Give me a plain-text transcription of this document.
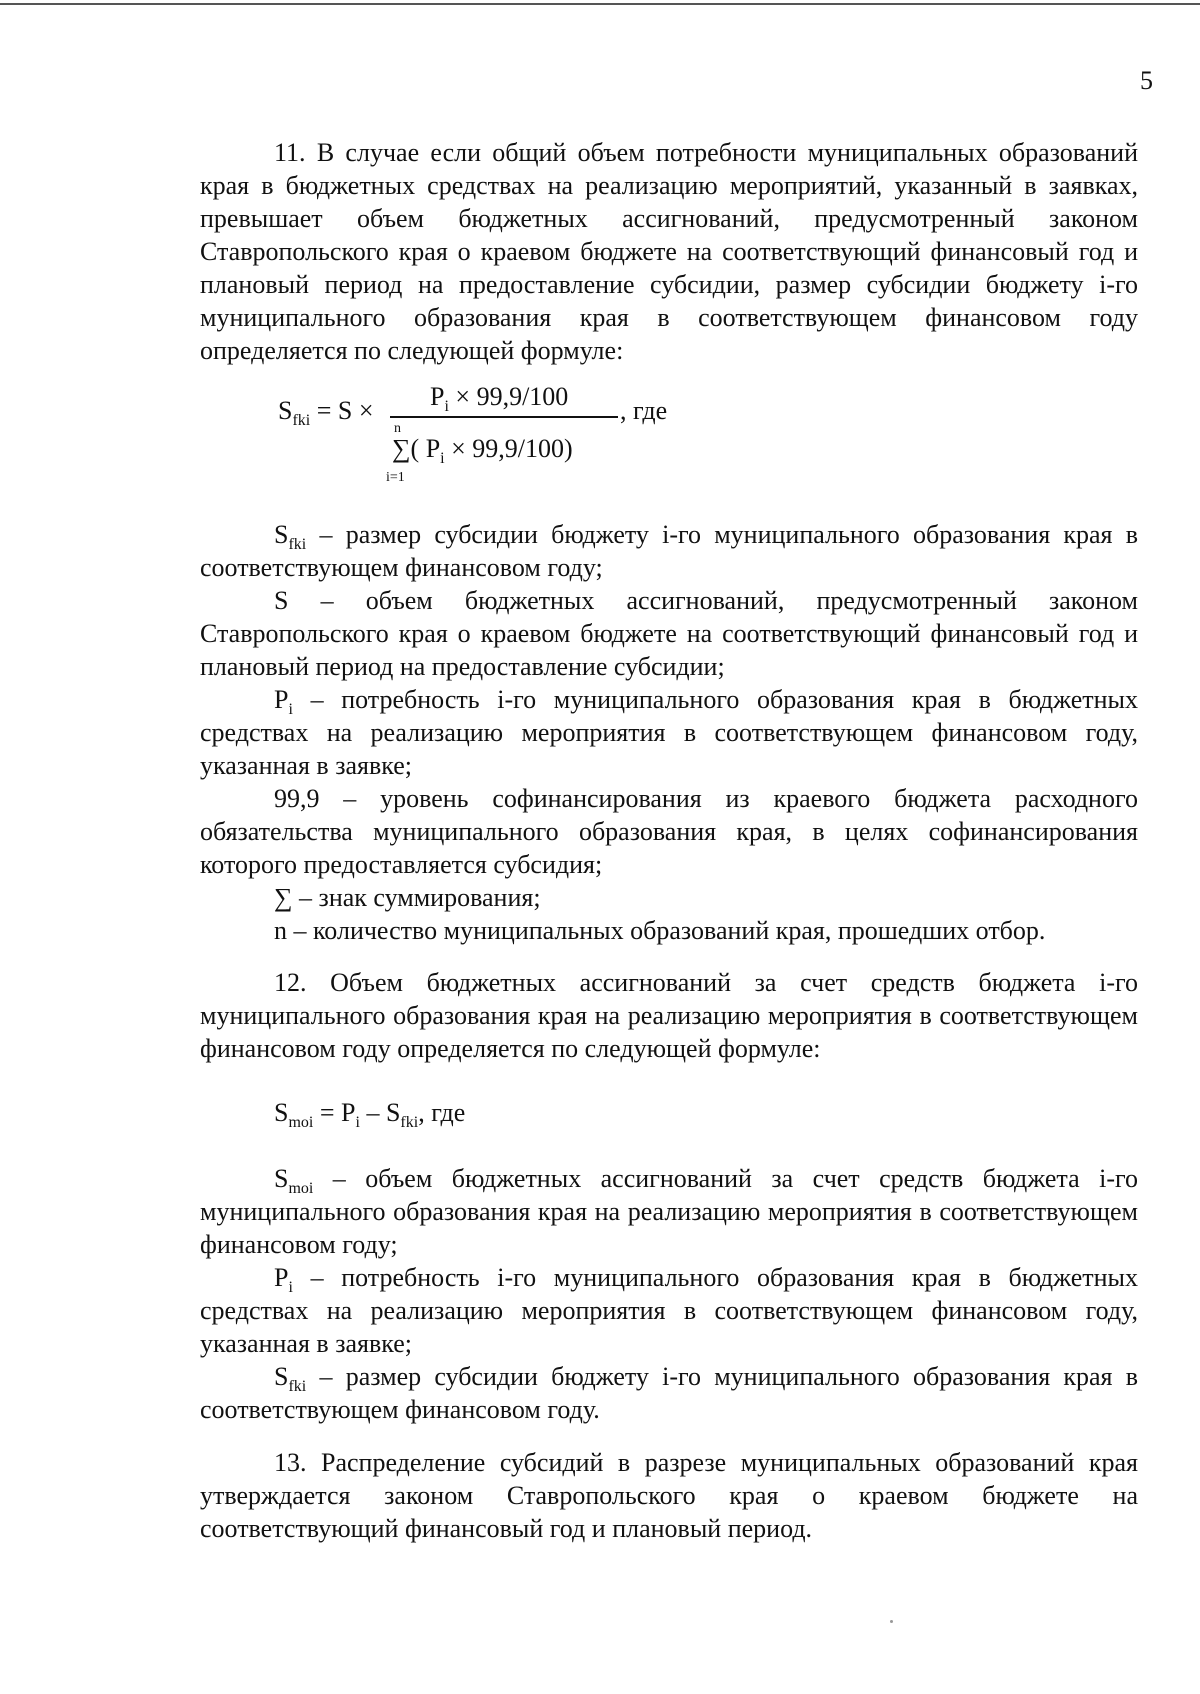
5
11. В случае если общий объем потребности муниципальных образований края в бюджетных средствах на реализацию мероприятий, указанный в заявках, превышает объем бюджетных ассигнований, предусмотренный законом Ставропольского края о краевом бюджете на соответствующий финансовый год и плановый период на предоставление субсидии, размер субсидии бюджету i-го муниципального образования края в соответствующем финансовом году определяется по следующей формуле:
$S_{fki} = S \times P_i \times 99,9/100$ , где
n
∑( $P_i \times 99,9/100$)
i=1
$S_{fki}$ – размер субсидии бюджету i-го муниципального образования края в соответствующем финансовом году;
S – объем бюджетных ассигнований, предусмотренный законом Ставропольского края о краевом бюджете на соответствующий финансовый год и плановый период на предоставление субсидии;
$P_i$ – потребность i-го муниципального образования края в бюджетных средствах на реализацию мероприятия в соответствующем финансовом году, указанная в заявке;
99,9 – уровень софинансирования из краевого бюджета расходного обязательства муниципального образования края, в целях софинансирования которого предоставляется субсидия;
∑ – знак суммирования;
n – количество муниципальных образований края, прошедших отбор.
12. Объем бюджетных ассигнований за счет средств бюджета i-го муниципального образования края на реализацию мероприятия в соответствующем финансовом году определяется по следующей формуле:
$S_{moi} = P_i - S_{fki}$, где
$S_{moi}$ – объем бюджетных ассигнований за счет средств бюджета i-го муниципального образования края на реализацию мероприятия в соответствующем финансовом году;
$P_i$ – потребность i-го муниципального образования края в бюджетных средствах на реализацию мероприятия в соответствующем финансовом году, указанная в заявке;
$S_{fki}$ – размер субсидии бюджету i-го муниципального образования края в соответствующем финансовом году.
13. Распределение субсидий в разрезе муниципальных образований края утверждается законом Ставропольского края о краевом бюджете на соответствующий финансовый год и плановый период.
